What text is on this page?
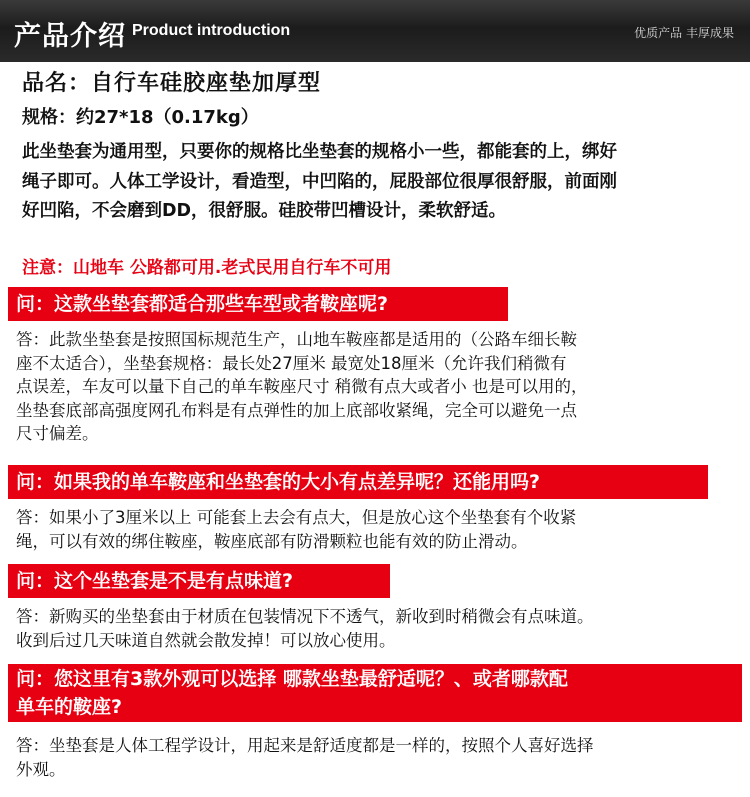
产品介绍 Product introduction	优质产品 丰厚成果
品名：自行车硅胶座垫加厚型
规格：约27*18（0.17kg）
此坐垫套为通用型，只要你的规格比坐垫套的规格小一些，都能套的上，绑好
绳子即可。人体工学设计，看造型，中凹陷的，屁股部位很厚很舒服，前面刚
好凹陷，不会磨到DD，很舒服。硅胶带凹槽设计，柔软舒适。
注意：山地车 公路都可用.老式民用自行车不可用
问：这款坐垫套都适合那些车型或者鞍座呢?
答：此款坐垫套是按照国标规范生产，山地车鞍座都是适用的（公路车细长鞍
座不太适合），坐垫套规格：最长处27厘米 最宽处18厘米（允许我们稍微有
点误差，车友可以量下自己的单车鞍座尺寸 稍微有点大或者小 也是可以用的，
坐垫套底部高强度网孔布料是有点弹性的加上底部收紧绳，完全可以避免一点
尺寸偏差。
问：如果我的单车鞍座和坐垫套的大小有点差异呢？还能用吗?
答：如果小了3厘米以上 可能套上去会有点大，但是放心这个坐垫套有个收紧
绳，可以有效的绑住鞍座，鞍座底部有防滑颗粒也能有效的防止滑动。
问：这个坐垫套是不是有点味道?
答：新购买的坐垫套由于材质在包装情况下不透气，新收到时稍微会有点味道。
收到后过几天味道自然就会散发掉！可以放心使用。
问：您这里有3款外观可以选择 哪款坐垫最舒适呢？、或者哪款配
单车的鞍座?
答：坐垫套是人体工程学设计，用起来是舒适度都是一样的，按照个人喜好选择
外观。
